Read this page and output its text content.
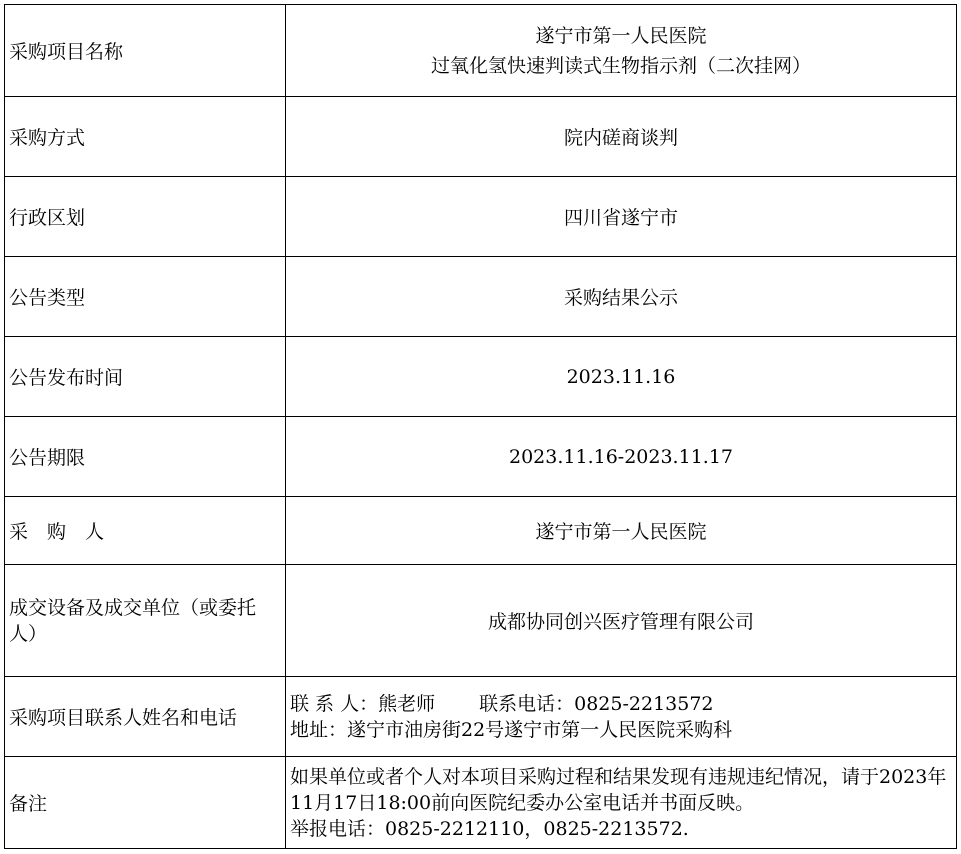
采购项目名称	遂宁市第一人民医院
过氧化氢快速判读式生物指示剂（二次挂网）

采购方式	院内磋商谈判
行政区划	四川省遂宁市
公告类型	采购结果公示
公告发布时间	2023.11.16
公告期限	2023.11.16-2023.11.17
采　购　人	遂宁市第一人民医院
成交设备及成交单位（或委托人）	成都协同创兴医疗管理有限公司
采购项目联系人姓名和电话	联 系 人：熊老师　　 联系电话：0825-2213572
地址：遂宁市油房街22号遂宁市第一人民医院采购科

备注	如果单位或者个人对本项目采购过程和结果发现有违规违纪情况，请于2023年11月17日18:00前向医院纪委办公室电话并书面反映。
举报电话：0825-2212110，0825-2213572.
